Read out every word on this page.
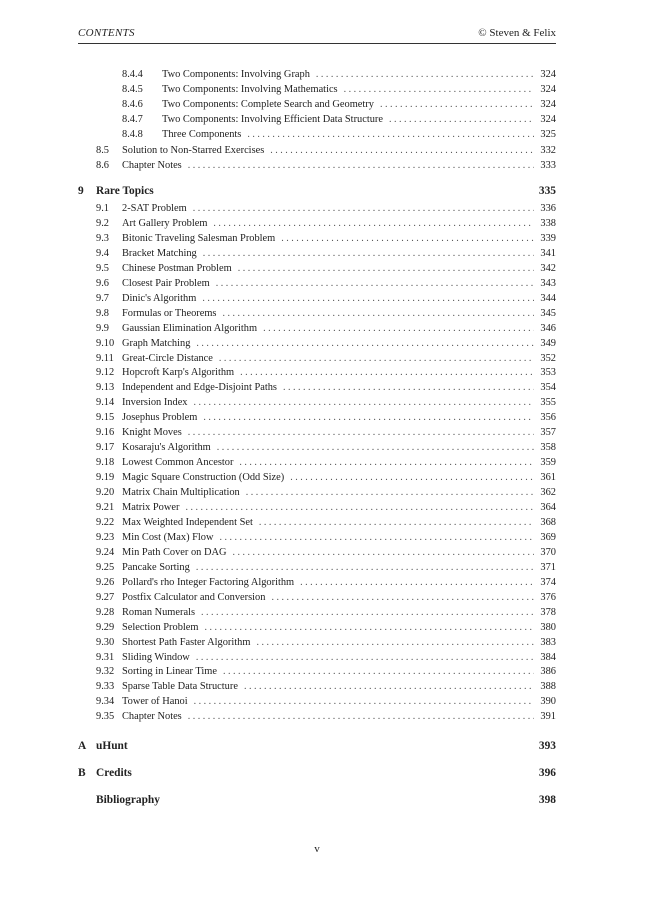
CONTENTS	© Steven & Felix
8.4.4	Two Components: Involving Graph . . .	324
8.4.5	Two Components: Involving Mathematics . . .	324
8.4.6	Two Components: Complete Search and Geometry . . .	324
8.4.7	Two Components: Involving Efficient Data Structure . . .	324
8.4.8	Three Components . . .	325
8.5	Solution to Non-Starred Exercises . . .	332
8.6	Chapter Notes . . .	333
9	Rare Topics	335
9.1	2-SAT Problem . . .	336
9.2	Art Gallery Problem . . .	338
9.3	Bitonic Traveling Salesman Problem . . .	339
9.4	Bracket Matching . . .	341
9.5	Chinese Postman Problem . . .	342
9.6	Closest Pair Problem . . .	343
9.7	Dinic's Algorithm . . .	344
9.8	Formulas or Theorems . . .	345
9.9	Gaussian Elimination Algorithm . . .	346
9.10 Graph Matching . . .	349
9.11 Great-Circle Distance . . .	352
9.12 Hopcroft Karp's Algorithm . . .	353
9.13 Independent and Edge-Disjoint Paths . . .	354
9.14 Inversion Index . . .	355
9.15 Josephus Problem . . .	356
9.16 Knight Moves . . .	357
9.17 Kosaraju's Algorithm . . .	358
9.18 Lowest Common Ancestor . . .	359
9.19 Magic Square Construction (Odd Size) . . .	361
9.20 Matrix Chain Multiplication . . .	362
9.21 Matrix Power . . .	364
9.22 Max Weighted Independent Set . . .	368
9.23 Min Cost (Max) Flow . . .	369
9.24 Min Path Cover on DAG . . .	370
9.25 Pancake Sorting . . .	371
9.26 Pollard's rho Integer Factoring Algorithm . . .	374
9.27 Postfix Calculator and Conversion . . .	376
9.28 Roman Numerals . . .	378
9.29 Selection Problem . . .	380
9.30 Shortest Path Faster Algorithm . . .	383
9.31 Sliding Window . . .	384
9.32 Sorting in Linear Time . . .	386
9.33 Sparse Table Data Structure . . .	388
9.34 Tower of Hanoi . . .	390
9.35 Chapter Notes . . .	391
A uHunt	393
B Credits	396
Bibliography	398
v
